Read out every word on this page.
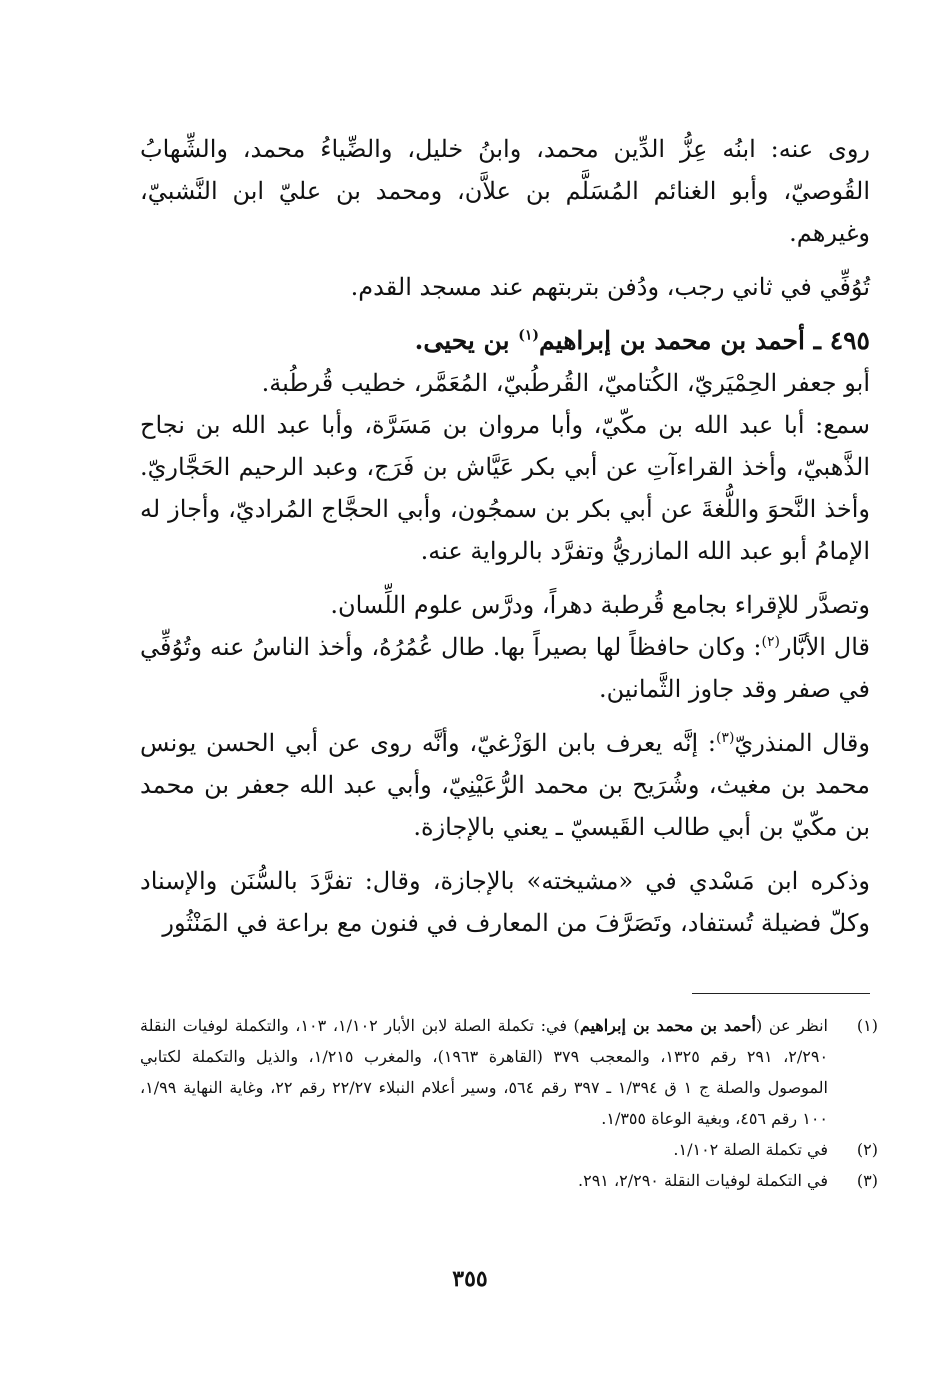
روى عنه: ابنُه عِزُّ الدِّين محمد، وابنُ خليل، والضِّياءُ محمد، والشِّهابُ القُوصيّ، وأبو الغنائم المُسَلَّم بن علاَّن، ومحمد بن عليّ ابن النَّشبيّ، وغيرهم.

تُوُفِّي في ثاني رجب، ودُفن بتربتهم عند مسجد القدم.

٤٩٥ ـ أحمد بن محمد بن إبراهيم$^{(١)}$ بن يحيى.

أبو جعفر الحِمْيَريّ، الكُتاميّ، القُرطُبيّ، المُعَمَّر، خطيب قُرطُبة.

سمع: أبا عبد الله بن مكّيّ، وأبا مروان بن مَسَرَّة، وأبا عبد الله بن نجاح الذَّهبيّ، وأخذ القراءآتِ عن أبي بكر عَيَّاش بن فَرَج، وعبد الرحيم الحَجَّاريّ. وأخذ النَّحوَ واللُّغةَ عن أبي بكر بن سمجُون، وأبي الحجَّاج المُراديّ، وأجاز له الإمامُ أبو عبد الله المازريُّ وتفرَّد بالرواية عنه.

وتصدَّر للإقراء بجامع قُرطبة دهراً، ودرَّس علوم اللِّسان.

قال الأبَّار$^{(٢)}$: وكان حافظاً لها بصيراً بها. طال عُمُرُهُ، وأخذ الناسُ عنه وتُوُفِّي في صفر وقد جاوز الثَّمانين.

وقال المنذريّ$^{(٣)}$: إنَّه يعرف بابن الوَزْغيّ، وأنَّه روى عن أبي الحسن يونس محمد بن مغيث، وشُرَيح بن محمد الرُّعَيْنِيّ، وأبي عبد الله جعفر بن محمد بن مكّيّ بن أبي طالب القَيسيّ ـ يعني بالإجازة.

وذكره ابن مَسْدي في «مشيخته» بالإجازة، وقال: تفرَّدَ بالسُّنَن والإسناد وكلّ فضيلة تُستفاد، وتَصَرَّفَ من المعارف في فنون مع براعة في المَنْثُور

(١)
انظر عن (أحمد بن محمد بن إبراهيم) في: تكملة الصلة لابن الأبار ١/١٠٢، ١٠٣، والتكملة لوفيات النقلة ٢/٢٩٠، ٢٩١ رقم ١٣٢٥، والمعجب ٣٧٩ (القاهرة ١٩٦٣)، والمغرب ١/٢١٥، والذيل والتكملة لكتابي الموصول والصلة ج ١ ق ١/٣٩٤ ـ ٣٩٧ رقم ٥٦٤، وسير أعلام النبلاء ٢٢/٢٧ رقم ٢٢، وغاية النهاية ١/٩٩، ١٠٠ رقم ٤٥٦، وبغية الوعاة ١/٣٥٥.
(٢)
في تكملة الصلة ١/١٠٢.
(٣)
في التكملة لوفيات النقلة ٢/٢٩٠، ٢٩١.
٣٥٥
